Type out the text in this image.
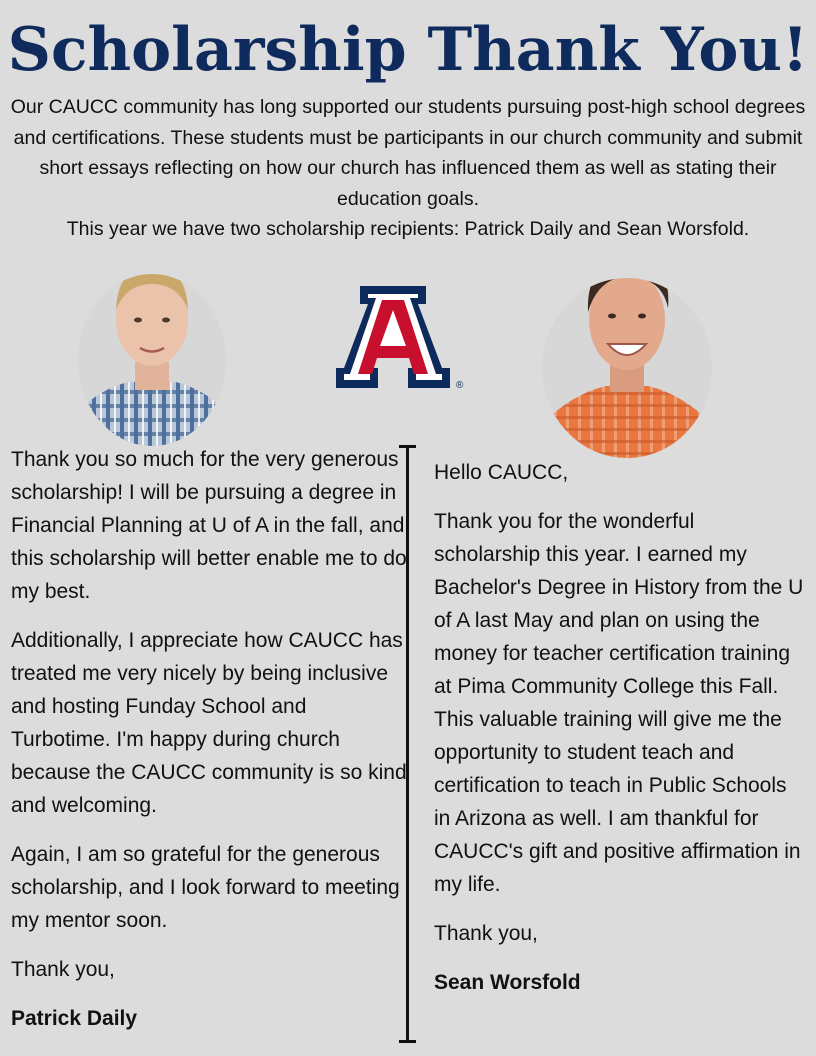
Scholarship Thank You!

Our CAUCC community has long supported our students pursuing post-high school degrees and certifications. These students must be participants in our church community and submit short essays reflecting on how our church has influenced them as well as stating their education goals.

This year we have two scholarship recipients: Patrick Daily and Sean Worsfold.

®

Thank you so much for the very generous scholarship! I will be pursuing a degree in Financial Planning at U of A in the fall, and this scholarship will better enable me to do my best.

Additionally, I appreciate how CAUCC has treated me very nicely by being inclusive and hosting Funday School and Turbotime. I'm happy during church because the CAUCC community is so kind and welcoming.

Again, I am so grateful for the generous scholarship, and I look forward to meeting my mentor soon.

Thank you,

Patrick Daily

Hello CAUCC,

Thank you for the wonderful scholarship this year. I earned my Bachelor's Degree in History from the U of A last May and plan on using the money for teacher certification training at Pima Community College this Fall. This valuable training will give me the opportunity to student teach and certification to teach in Public Schools in Arizona as well. I am thankful for CAUCC's gift and positive affirmation in my life.

Thank you,

Sean Worsfold
